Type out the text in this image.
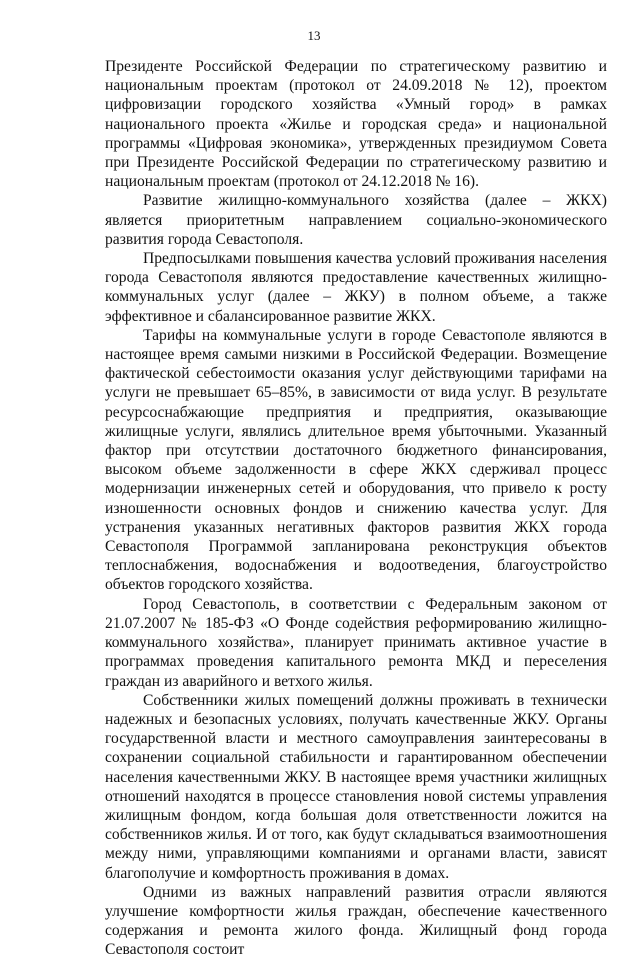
13

Президенте Российской Федерации по стратегическому развитию и национальным проектам (протокол от 24.09.2018 № 12), проектом цифровизации городского хозяйства «Умный город» в рамках национального проекта «Жилье и городская среда» и национальной программы «Цифровая экономика», утвержденных президиумом Совета при Президенте Российской Федерации по стратегическому развитию и национальным проектам (протокол от 24.12.2018 № 16).

Развитие жилищно-коммунального хозяйства (далее – ЖКХ) является приоритетным направлением социально-экономического развития города Севастополя.

Предпосылками повышения качества условий проживания населения города Севастополя являются предоставление качественных жилищно-коммунальных услуг (далее – ЖКУ) в полном объеме, а также эффективное и сбалансированное развитие ЖКХ.

Тарифы на коммунальные услуги в городе Севастополе являются в настоящее время самыми низкими в Российской Федерации. Возмещение фактической себестоимости оказания услуг действующими тарифами на услуги не превышает 65–85%, в зависимости от вида услуг. В результате ресурсоснабжающие предприятия и предприятия, оказывающие жилищные услуги, являлись длительное время убыточными. Указанный фактор при отсутствии достаточного бюджетного финансирования, высоком объеме задолженности в сфере ЖКХ сдерживал процесс модернизации инженерных сетей и оборудования, что привело к росту изношенности основных фондов и снижению качества услуг. Для устранения указанных негативных факторов развития ЖКХ города Севастополя Программой запланирована реконструкция объектов теплоснабжения, водоснабжения и водоотведения, благоустройство объектов городского хозяйства.

Город Севастополь, в соответствии с Федеральным законом от 21.07.2007 № 185-ФЗ «О Фонде содействия реформированию жилищно-коммунального хозяйства», планирует принимать активное участие в программах проведения капитального ремонта МКД и переселения граждан из аварийного и ветхого жилья.

Собственники жилых помещений должны проживать в технически надежных и безопасных условиях, получать качественные ЖКУ. Органы государственной власти и местного самоуправления заинтересованы в сохранении социальной стабильности и гарантированном обеспечении населения качественными ЖКУ. В настоящее время участники жилищных отношений находятся в процессе становления новой системы управления жилищным фондом, когда большая доля ответственности ложится на собственников жилья. И от того, как будут складываться взаимоотношения между ними, управляющими компаниями и органами власти, зависят благополучие и комфортность проживания в домах.

Одними из важных направлений развития отрасли являются улучшение комфортности жилья граждан, обеспечение качественного содержания и ремонта жилого фонда. Жилищный фонд города Севастополя состоит
